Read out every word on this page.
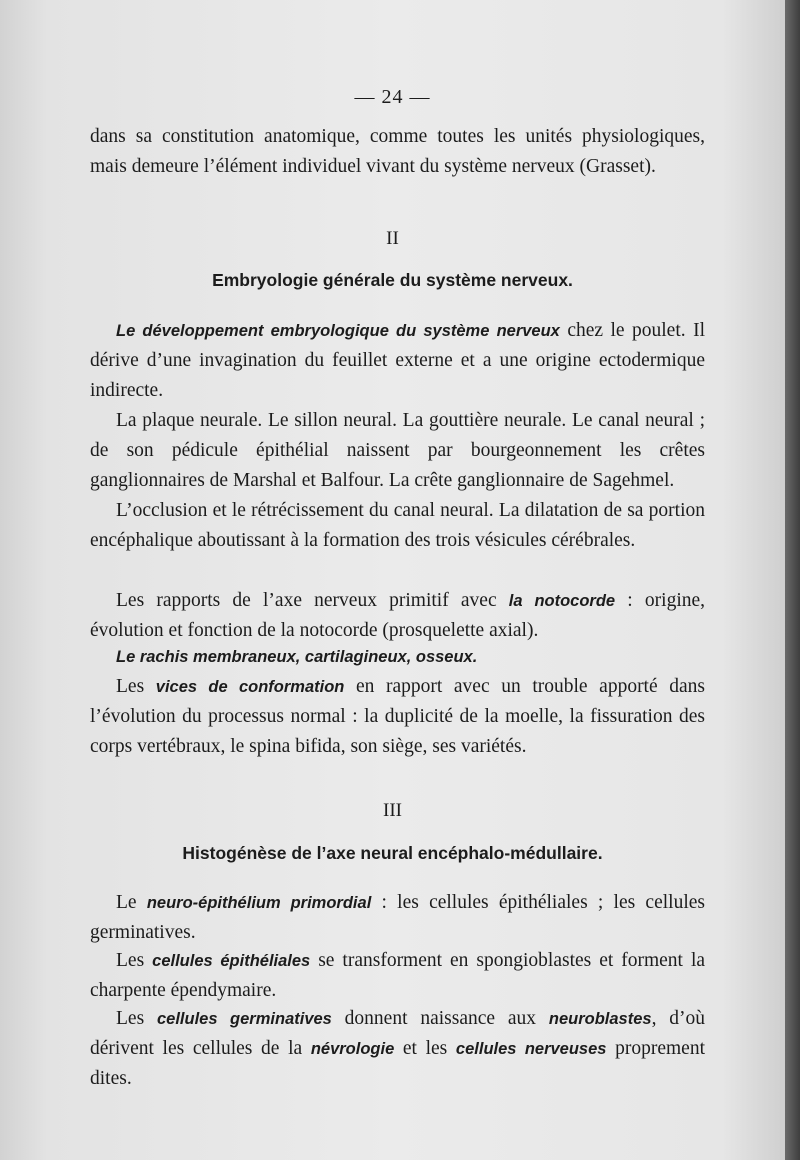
— 24 —
dans sa constitution anatomique, comme toutes les unités physiologiques, mais demeure l’élément individuel vivant du système nerveux (Grasset).
II
Embryologie générale du système nerveux.
Le développement embryologique du système nerveux chez le poulet. Il dérive d’une invagination du feuillet externe et a une origine ectodermique indirecte.
La plaque neurale. Le sillon neural. La gouttière neurale. Le canal neural ; de son pédicule épithélial naissent par bourgeonnement les crêtes ganglionnaires de Marshal et Balfour. La crête ganglionnaire de Sagehmel.
L’occlusion et le rétrécissement du canal neural. La dilatation de sa portion encéphalique aboutissant à la formation des trois vésicules cérébrales.
Les rapports de l’axe nerveux primitif avec la notocorde : origine, évolution et fonction de la notocorde (prosquelette axial).
Le rachis membraneux, cartilagineux, osseux.
Les vices de conformation en rapport avec un trouble apporté dans l’évolution du processus normal : la duplicité de la moelle, la fissuration des corps vertébraux, le spina bifida, son siège, ses variétés.
III
Histogénèse de l’axe neural encéphalo-médullaire.
Le neuro-épithélium primordial : les cellules épithéliales ; les cellules germinatives.
Les cellules épithéliales se transforment en spongioblastes et forment la charpente épendymaire.
Les cellules germinatives donnent naissance aux neuroblastes, d’où dérivent les cellules de la névrologie et les cellules nerveuses proprement dites.
